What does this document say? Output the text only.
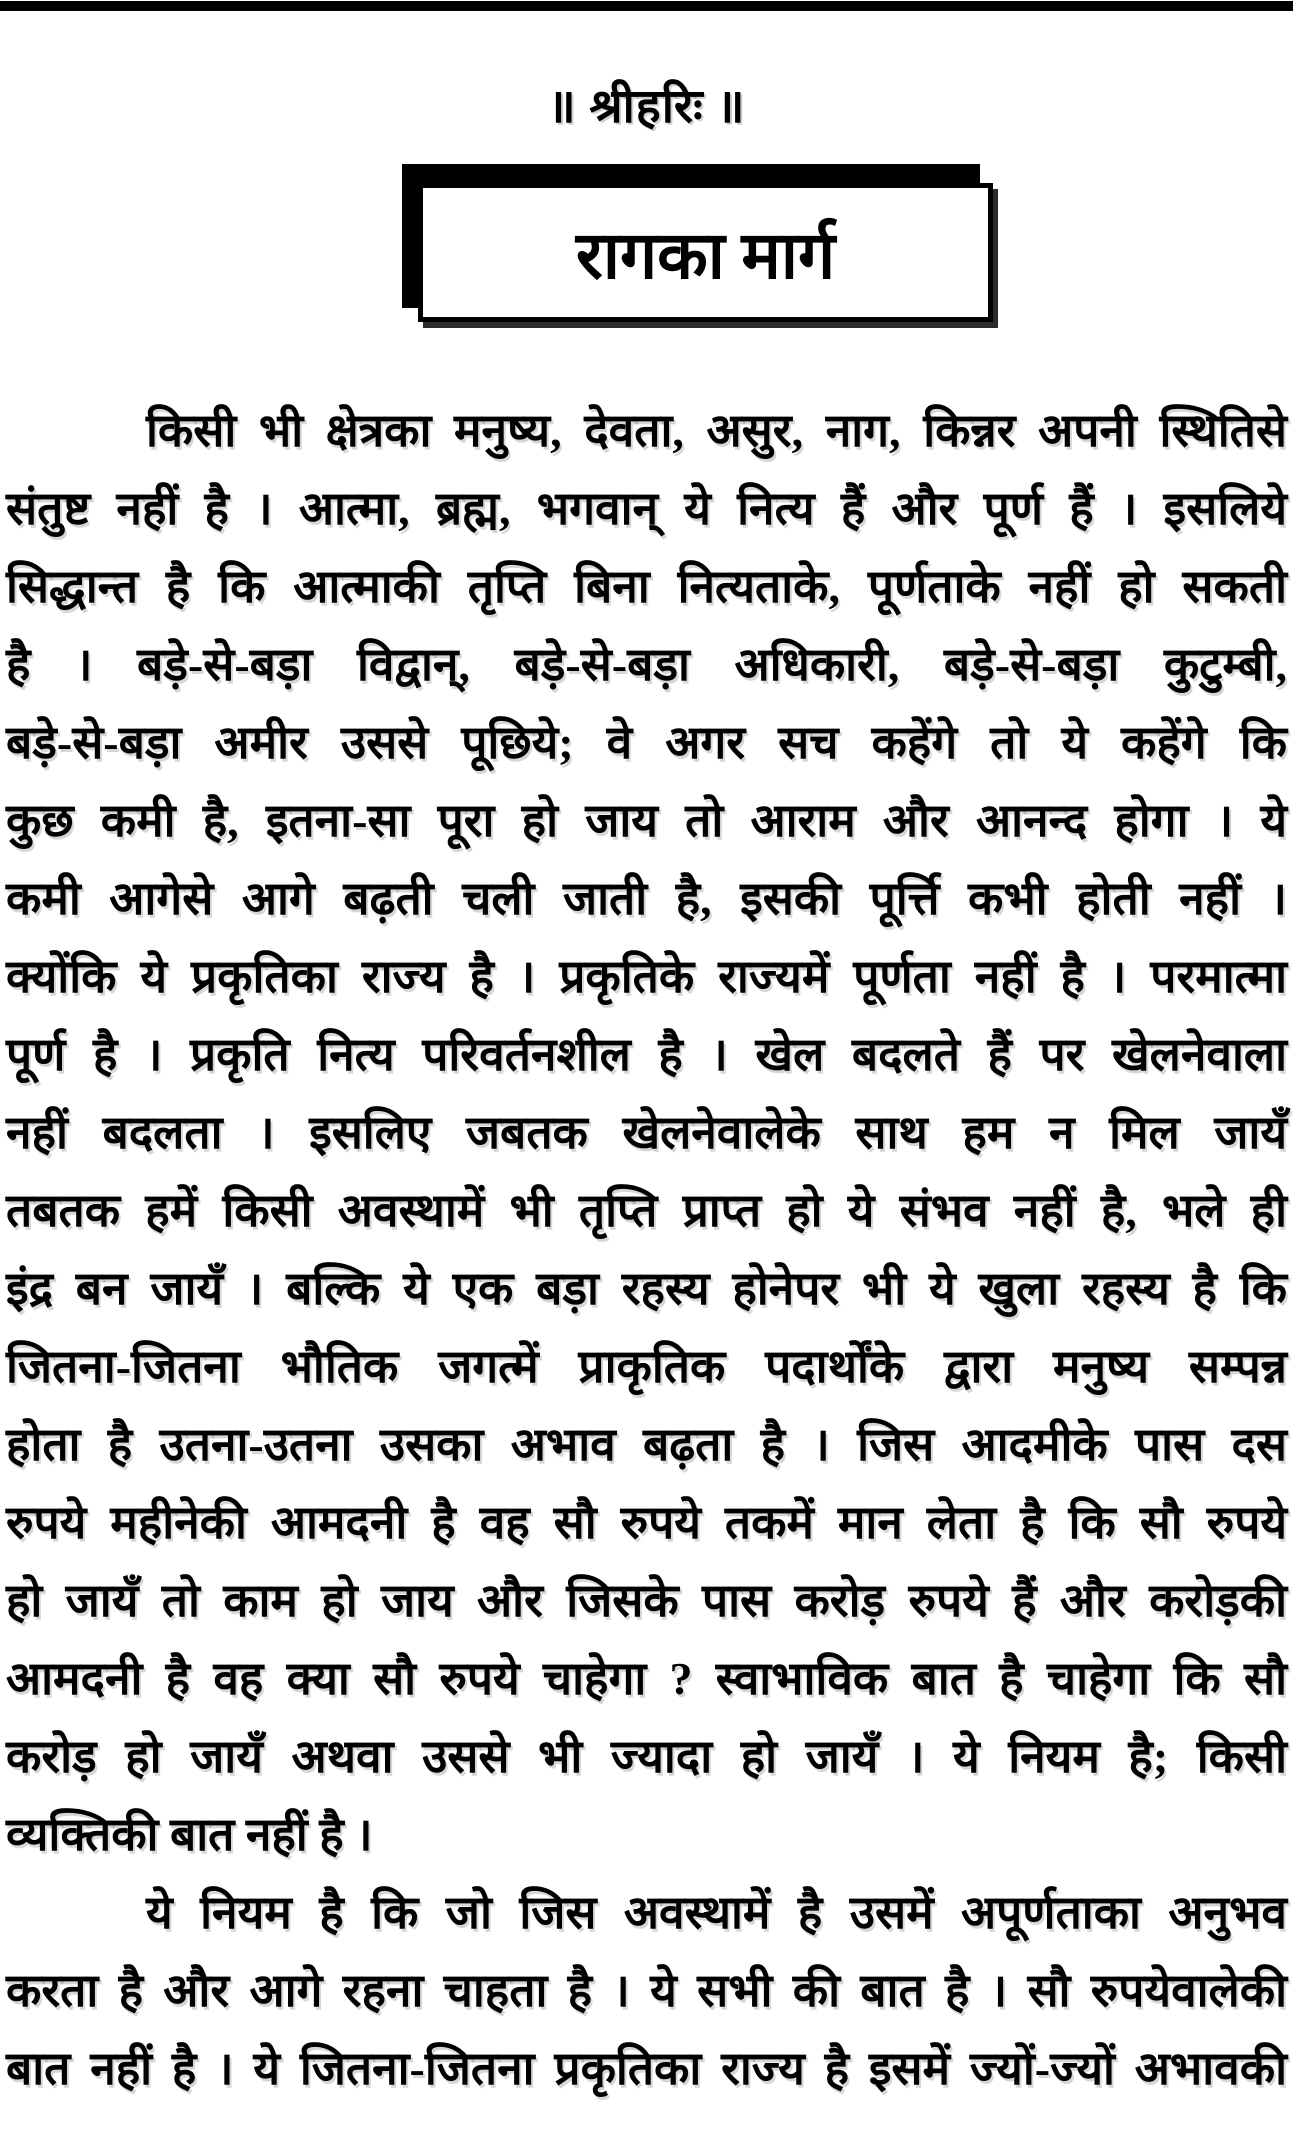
॥ श्रीहरिः ॥
रागका मार्ग
किसी भी क्षेत्रका मनुष्य, देवता, असुर, नाग, किन्नर अपनी स्थितिसे
संतुष्ट नहीं है । आत्मा, ब्रह्म, भगवान् ये नित्य हैं और पूर्ण हैं । इसलिये
सिद्धान्त है कि आत्माकी तृप्ति बिना नित्यताके, पूर्णताके नहीं हो सकती
है । बड़े-से-बड़ा विद्वान्, बड़े-से-बड़ा अधिकारी, बड़े-से-बड़ा कुटुम्बी,
बड़े-से-बड़ा अमीर उससे पूछिये; वे अगर सच कहेंगे तो ये कहेंगे कि
कुछ कमी है, इतना-सा पूरा हो जाय तो आराम और आनन्द होगा । ये
कमी आगेसे आगे बढ़ती चली जाती है, इसकी पूर्त्ति कभी होती नहीं ।
क्योंकि ये प्रकृतिका राज्य है । प्रकृतिके राज्यमें पूर्णता नहीं है । परमात्मा
पूर्ण है । प्रकृति नित्य परिवर्तनशील है । खेल बदलते हैं पर खेलनेवाला
नहीं बदलता । इसलिए जबतक खेलनेवालेके साथ हम न मिल जायँ
तबतक हमें किसी अवस्थामें भी तृप्ति प्राप्त हो ये संभव नहीं है, भले ही
इंद्र बन जायँ । बल्कि ये एक बड़ा रहस्य होनेपर भी ये खुला रहस्य है कि
जितना-जितना भौतिक जगत्में प्राकृतिक पदार्थोंके द्वारा मनुष्य सम्पन्न
होता है उतना-उतना उसका अभाव बढ़ता है । जिस आदमीके पास दस
रुपये महीनेकी आमदनी है वह सौ रुपये तकमें मान लेता है कि सौ रुपये
हो जायँ तो काम हो जाय और जिसके पास करोड़ रुपये हैं और करोड़की
आमदनी है वह क्या सौ रुपये चाहेगा ? स्वाभाविक बात है चाहेगा कि सौ
करोड़ हो जायँ अथवा उससे भी ज्यादा हो जायँ । ये नियम है; किसी
व्यक्तिकी बात नहीं है ।
ये नियम है कि जो जिस अवस्थामें है उसमें अपूर्णताका अनुभव
करता है और आगे रहना चाहता है । ये सभी की बात है । सौ रुपयेवालेकी
बात नहीं है । ये जितना-जितना प्रकृतिका राज्य है इसमें ज्यों-ज्यों अभावकी
